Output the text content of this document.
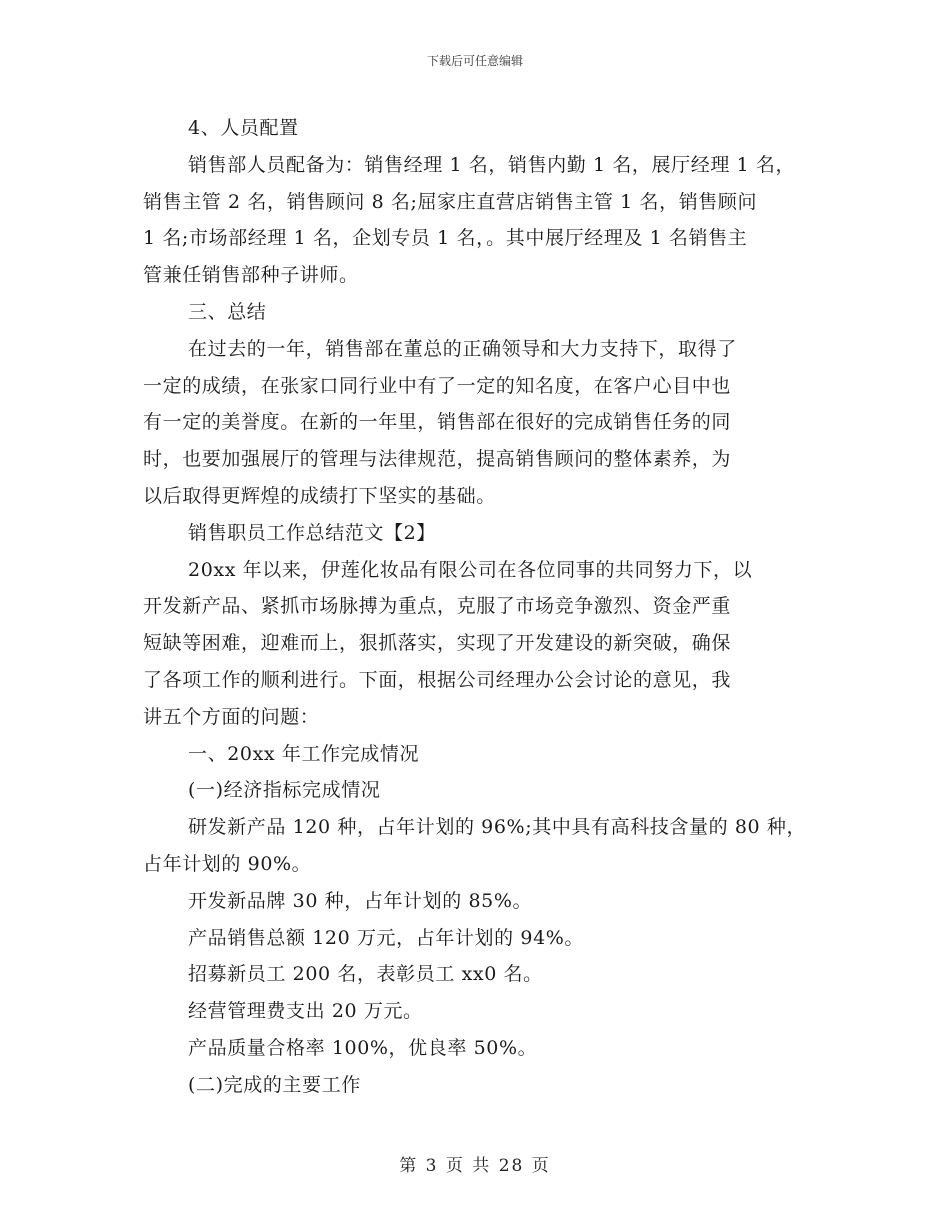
下载后可任意编辑
4、人员配置
销售部人员配备为：销售经理 1 名，销售内勤 1 名，展厅经理 1 名，
销售主管 2 名，销售顾问 8 名;屈家庄直营店销售主管 1 名，销售顾问
1 名;市场部经理 1 名，企划专员 1 名，。其中展厅经理及 1 名销售主
管兼任销售部种子讲师。
三、总结
在过去的一年，销售部在董总的正确领导和大力支持下，取得了
一定的成绩，在张家口同行业中有了一定的知名度，在客户心目中也
有一定的美誉度。在新的一年里，销售部在很好的完成销售任务的同
时，也要加强展厅的管理与法律规范，提高销售顾问的整体素养，为
以后取得更辉煌的成绩打下坚实的基础。
销售职员工作总结范文【2】
20xx 年以来，伊莲化妆品有限公司在各位同事的共同努力下，以
开发新产品、紧抓市场脉搏为重点，克服了市场竞争激烈、资金严重
短缺等困难，迎难而上，狠抓落实，实现了开发建设的新突破，确保
了各项工作的顺利进行。下面，根据公司经理办公会讨论的意见，我
讲五个方面的问题：
一、20xx 年工作完成情况
(一)经济指标完成情况
研发新产品 120 种，占年计划的 96%;其中具有高科技含量的 80 种，
占年计划的 90%。
开发新品牌 30 种，占年计划的 85%。
产品销售总额 120 万元，占年计划的 94%。
招募新员工 200 名，表彰员工 xx0 名。
经营管理费支出 20 万元。
产品质量合格率 100%，优良率 50%。
(二)完成的主要工作
第 3 页 共 28 页
